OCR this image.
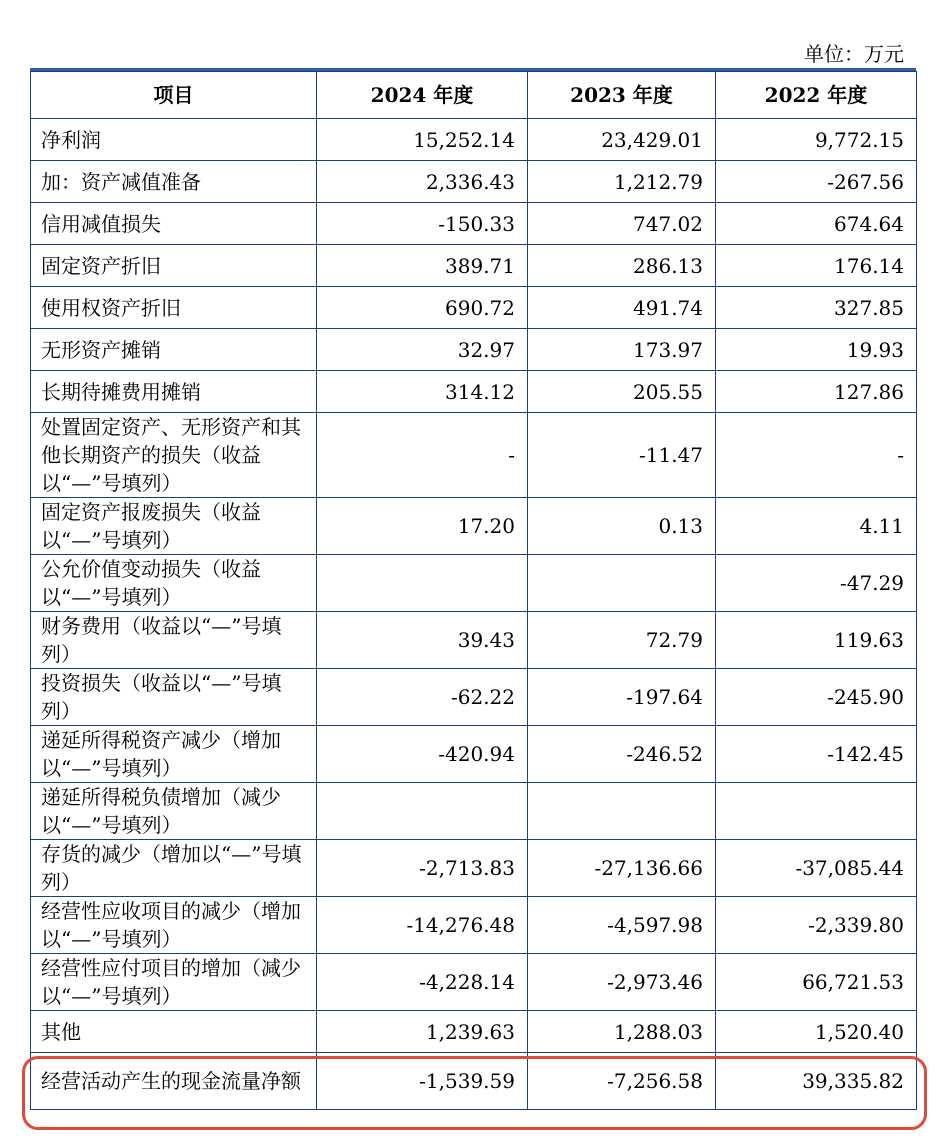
单位：万元
项目	2024 年度	2023 年度	2022 年度
净利润	15,252.14	23,429.01	9,772.15
加：资产减值准备	2,336.43	1,212.79	-267.56
信用减值损失	-150.33	747.02	674.64
固定资产折旧	389.71	286.13	176.14
使用权资产折旧	690.72	491.74	327.85
无形资产摊销	32.97	173.97	19.93
长期待摊费用摊销	314.12	205.55	127.86
处置固定资产、无形资产和其他长期资产的损失（收益以“—”号填列）	-	-11.47	-
固定资产报废损失（收益以“—”号填列）	17.20	0.13	4.11
公允价值变动损失（收益以“—”号填列）			-47.29
财务费用（收益以“—”号填列）	39.43	72.79	119.63
投资损失（收益以“—”号填列）	-62.22	-197.64	-245.90
递延所得税资产减少（增加以“—”号填列）	-420.94	-246.52	-142.45
递延所得税负债增加（减少以“—”号填列）			
存货的减少（增加以“—”号填列）	-2,713.83	-27,136.66	-37,085.44
经营性应收项目的减少（增加以“—”号填列）	-14,276.48	-4,597.98	-2,339.80
经营性应付项目的增加（减少以“—”号填列）	-4,228.14	-2,973.46	66,721.53
其他	1,239.63	1,288.03	1,520.40
经营活动产生的现金流量净额	-1,539.59	-7,256.58	39,335.82
